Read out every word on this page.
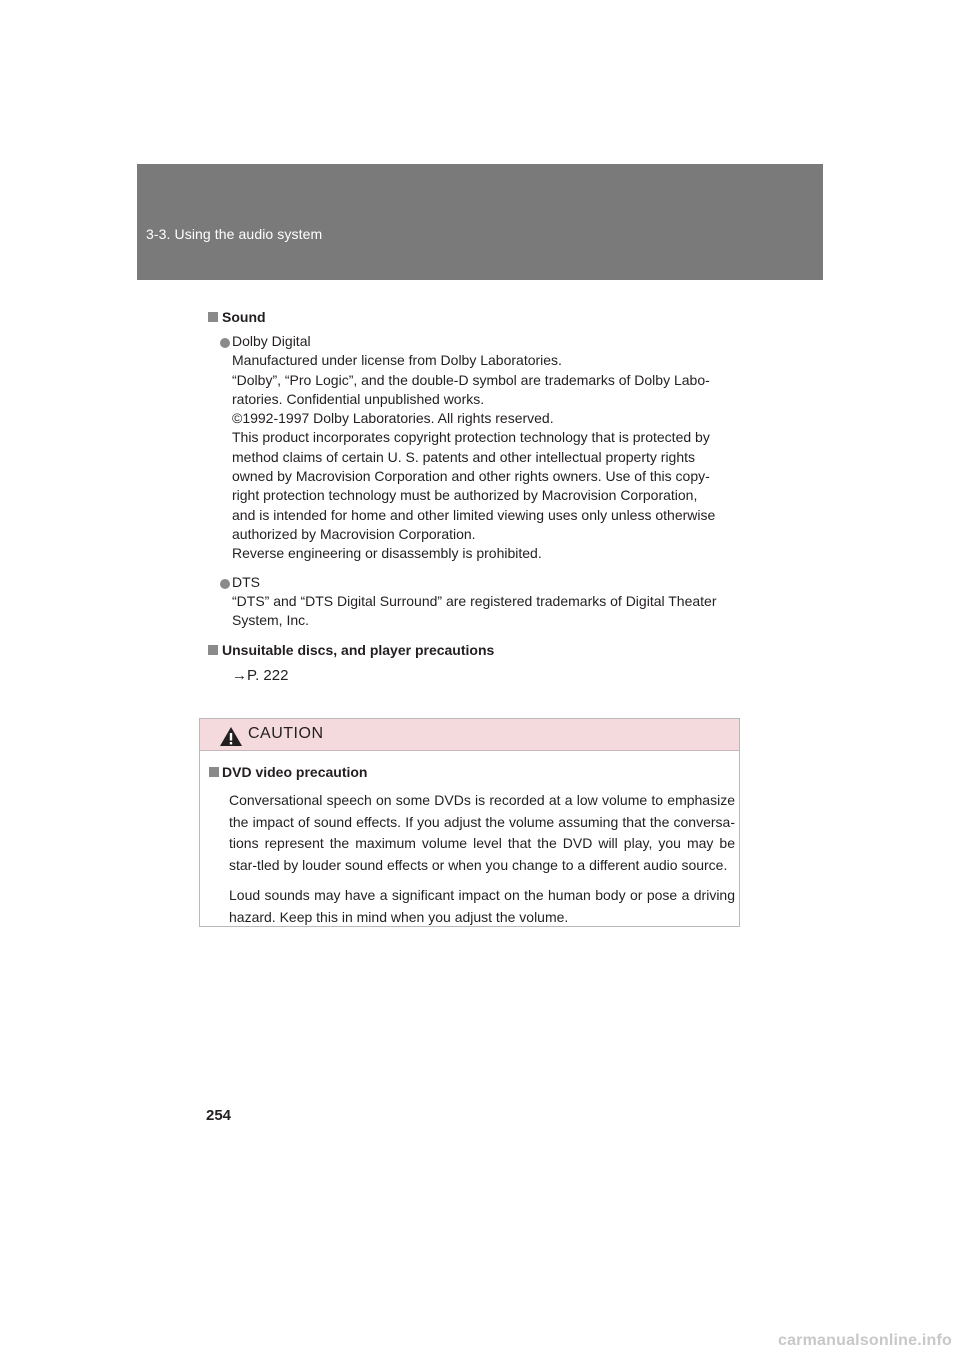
3-3. Using the audio system
Sound

Dolby Digital

Manufactured under license from Dolby Laboratories.

“Dolby”, “Pro Logic”, and the double-D symbol are trademarks of Dolby Labo-

ratories. Confidential unpublished works.

©1992-1997 Dolby Laboratories. All rights reserved.

This product incorporates copyright protection technology that is protected by

method claims of certain U. S. patents and other intellectual property rights

owned by Macrovision Corporation and other rights owners. Use of this copy-

right protection technology must be authorized by Macrovision Corporation,

and is intended for home and other limited viewing uses only unless otherwise

authorized by Macrovision Corporation.

Reverse engineering or disassembly is prohibited.

DTS

“DTS” and “DTS Digital Surround” are registered trademarks of Digital Theater

System, Inc.

Unsuitable discs, and player precautions

→P. 222

CAUTION
DVD video precaution

Conversational speech on some DVDs is recorded at a low volume to emphasize the impact of sound effects. If you adjust the volume assuming that the conversa-tions represent the maximum volume level that the DVD will play, you may be star-tled by louder sound effects or when you change to a different audio source.

Loud sounds may have a significant impact on the human body or pose a driving hazard. Keep this in mind when you adjust the volume.

254
carmanualsonline.info
